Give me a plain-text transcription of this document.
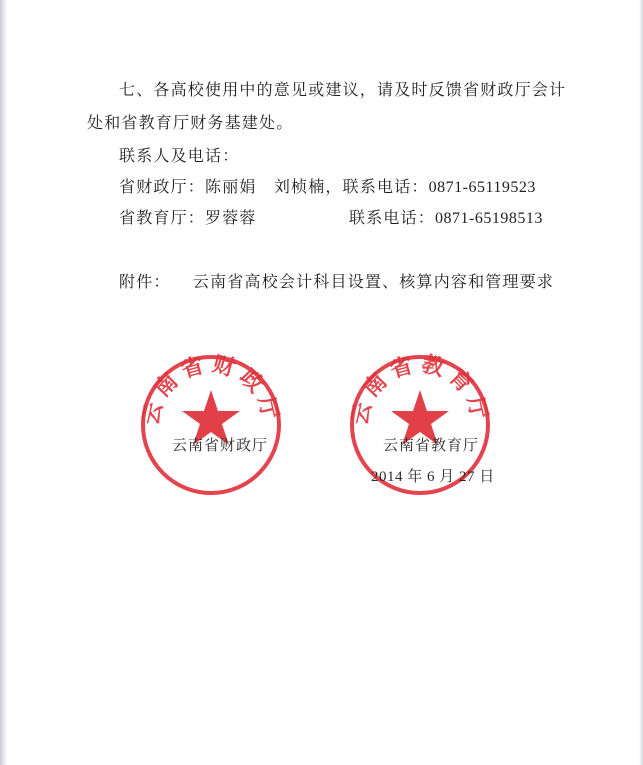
七、各高校使用中的意见或建议，请及时反馈省财政厅会计
处和省教育厅财务基建处。
联系人及电话：
省财政厅：陈丽娟　刘桢楠，联系电话：0871-65119523
省教育厅：罗蓉蓉	联系电话：0871-65198513
附件： 云南省高校会计科目设置、核算内容和管理要求
云南省财政厅	云南省教育厅
云南省财政厅	云南省教育厅
2014 年 6 月 27 日
